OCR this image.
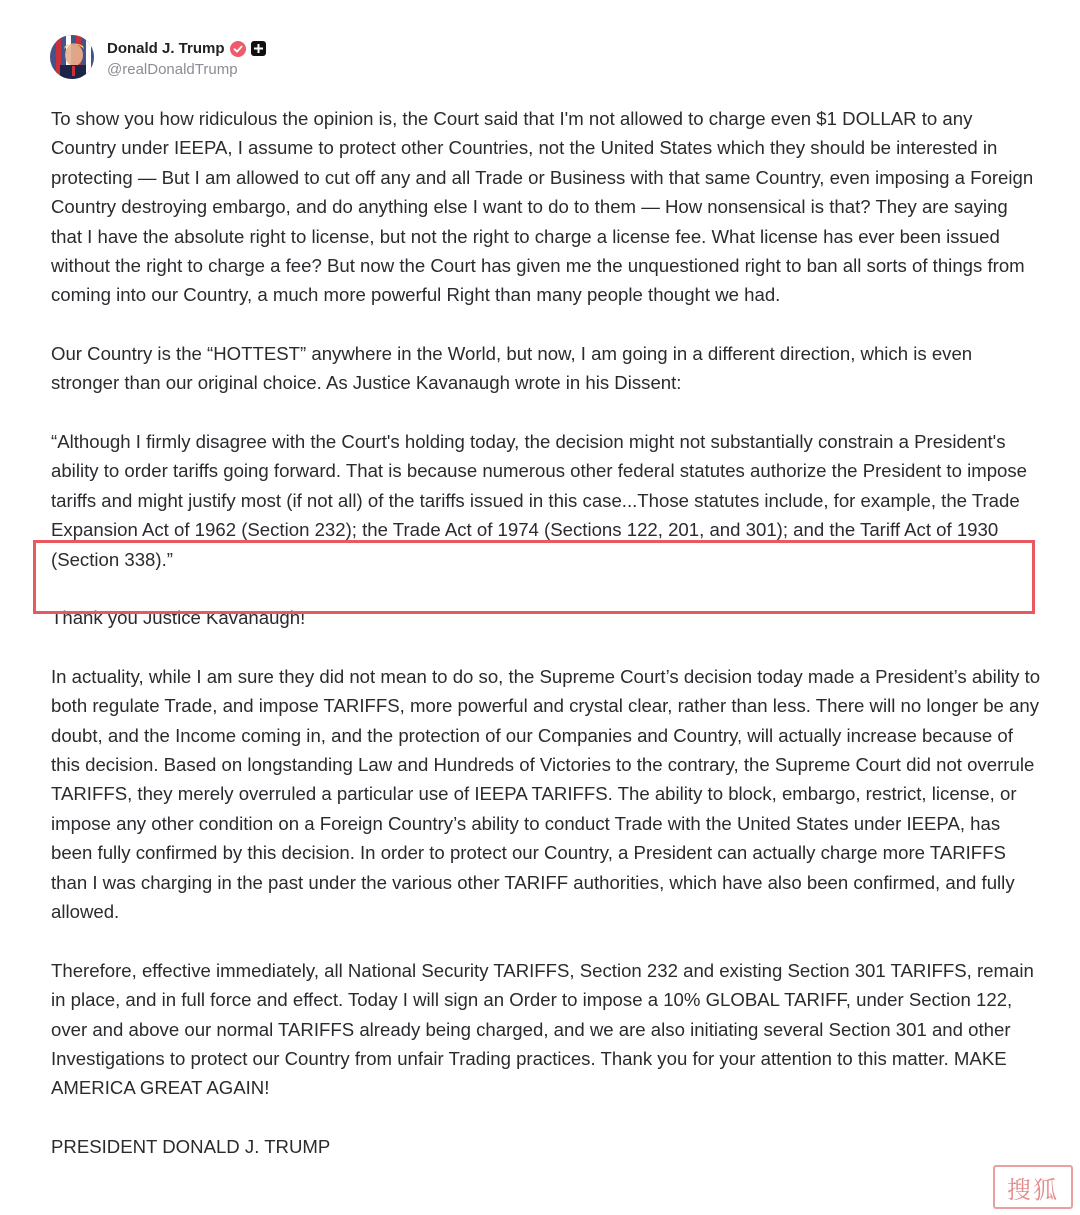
Donald J. Trump
@realDonaldTrump

To show you how ridiculous the opinion is, the Court said that I'm not allowed to charge even $1 DOLLAR to any Country under IEEPA, I assume to protect other Countries, not the United States which they should be interested in protecting — But I am allowed to cut off any and all Trade or Business with that same Country, even imposing a Foreign Country destroying embargo, and do anything else I want to do to them — How nonsensical is that? They are saying that I have the absolute right to license, but not the right to charge a license fee. What license has ever been issued without the right to charge a fee? But now the Court has given me the unquestioned right to ban all sorts of things from coming into our Country, a much more powerful Right than many people thought we had.

Our Country is the “HOTTEST” anywhere in the World, but now, I am going in a different direction, which is even stronger than our original choice. As Justice Kavanaugh wrote in his Dissent:

“Although I firmly disagree with the Court's holding today, the decision might not substantially constrain a President's ability to order tariffs going forward. That is because numerous other federal statutes authorize the President to impose tariffs and might justify most (if not all) of the tariffs issued in this case...Those statutes include, for example, the Trade Expansion Act of 1962 (Section 232); the Trade Act of 1974 (Sections 122, 201, and 301); and the Tariff Act of 1930 (Section 338).”

Thank you Justice Kavanaugh!

In actuality, while I am sure they did not mean to do so, the Supreme Court’s decision today made a President’s ability to both regulate Trade, and impose TARIFFS, more powerful and crystal clear, rather than less. There will no longer be any doubt, and the Income coming in, and the protection of our Companies and Country, will actually increase because of this decision. Based on longstanding Law and Hundreds of Victories to the contrary, the Supreme Court did not overrule TARIFFS, they merely overruled a particular use of IEEPA TARIFFS. The ability to block, embargo, restrict, license, or impose any other condition on a Foreign Country’s ability to conduct Trade with the United States under IEEPA, has been fully confirmed by this decision. In order to protect our Country, a President can actually charge more TARIFFS than I was charging in the past under the various other TARIFF authorities, which have also been confirmed, and fully allowed.

Therefore, effective immediately, all National Security TARIFFS, Section 232 and existing Section 301 TARIFFS, remain in place, and in full force and effect. Today I will sign an Order to impose a 10% GLOBAL TARIFF, under Section 122, over and above our normal TARIFFS already being charged, and we are also initiating several Section 301 and other Investigations to protect our Country from unfair Trading practices. Thank you for your attention to this matter. MAKE AMERICA GREAT AGAIN!

PRESIDENT DONALD J. TRUMP

搜狐
